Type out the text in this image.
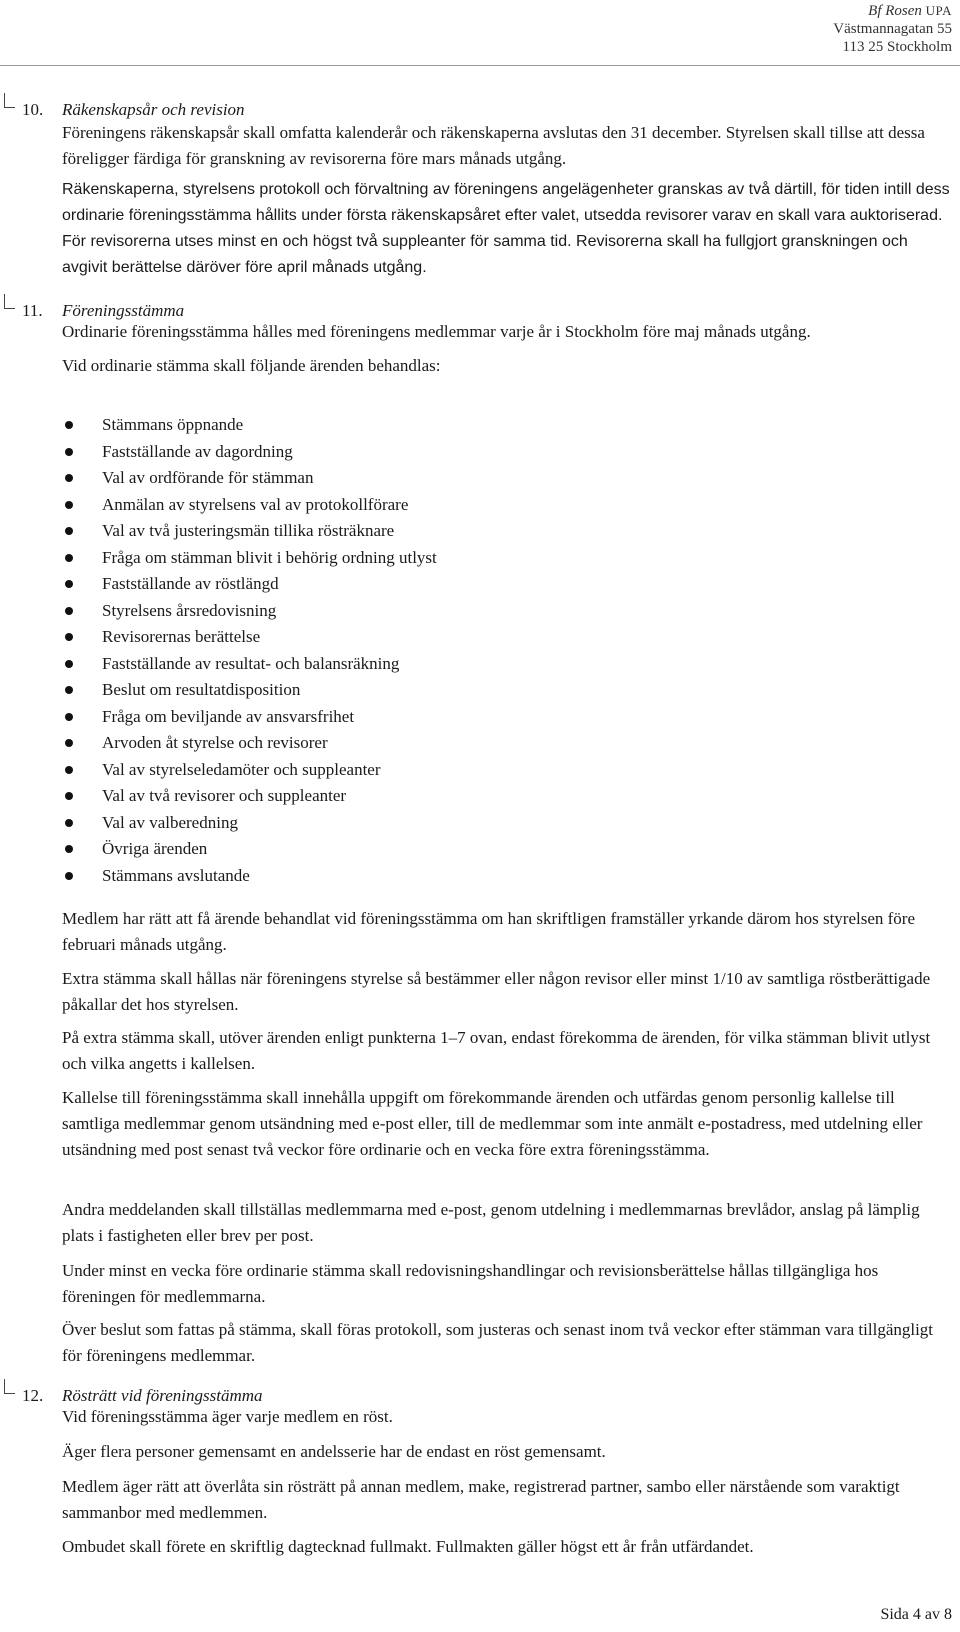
Bf Rosen UPA
Västmannagatan 55
113 25 Stockholm
10. Räkenskapsår och revision

Föreningens räkenskapsår skall omfatta kalenderår och räkenskaperna avslutas den 31 december. Styrelsen skall tillse att dessa föreligger färdiga för granskning av revisorerna före mars månads utgång.

Räkenskaperna, styrelsens protokoll och förvaltning av föreningens angelägenheter granskas av två därtill, för tiden intill dess ordinarie föreningsstämma hållits under första räkenskapsåret efter valet, utsedda revisorer varav en skall vara auktoriserad. För revisorerna utses minst en och högst två suppleanter för samma tid. Revisorerna skall ha fullgjort granskningen och avgivit berättelse däröver före april månads utgång.

11. Föreningsstämma

Ordinarie föreningsstämma hålles med föreningens medlemmar varje år i Stockholm före maj månads utgång.

Vid ordinarie stämma skall följande ärenden behandlas:

Stämmans öppnande
Fastställande av dagordning
Val av ordförande för stämman
Anmälan av styrelsens val av protokollförare
Val av två justeringsmän tillika rösträknare
Fråga om stämman blivit i behörig ordning utlyst
Fastställande av röstlängd
Styrelsens årsredovisning
Revisorernas berättelse
Fastställande av resultat- och balansräkning
Beslut om resultatdisposition
Fråga om beviljande av ansvarsfrihet
Arvoden åt styrelse och revisorer
Val av styrelseledamöter och suppleanter
Val av två revisorer och suppleanter
Val av valberedning
Övriga ärenden
Stämmans avslutande

Medlem har rätt att få ärende behandlat vid föreningsstämma om han skriftligen framställer yrkande därom hos styrelsen före februari månads utgång.

Extra stämma skall hållas när föreningens styrelse så bestämmer eller någon revisor eller minst 1/10 av samtliga röstberättigade påkallar det hos styrelsen.

På extra stämma skall, utöver ärenden enligt punkterna 1–7 ovan, endast förekomma de ärenden, för vilka stämman blivit utlyst och vilka angetts i kallelsen.

Kallelse till föreningsstämma skall innehålla uppgift om förekommande ärenden och utfärdas genom personlig kallelse till samtliga medlemmar genom utsändning med e-post eller, till de medlemmar som inte anmält e-postadress, med utdelning eller utsändning med post senast två veckor före ordinarie och en vecka före extra föreningsstämma.

Andra meddelanden skall tillställas medlemmarna med e-post, genom utdelning i medlemmarnas brevlådor, anslag på lämplig plats i fastigheten eller brev per post.

Under minst en vecka före ordinarie stämma skall redovisningshandlingar och revisionsberättelse hållas tillgängliga hos föreningen för medlemmarna.

Över beslut som fattas på stämma, skall föras protokoll, som justeras och senast inom två veckor efter stämman vara tillgängligt för föreningens medlemmar.

12. Rösträtt vid föreningsstämma

Vid föreningsstämma äger varje medlem en röst.

Äger flera personer gemensamt en andelsserie har de endast en röst gemensamt.

Medlem äger rätt att överlåta sin rösträtt på annan medlem, make, registrerad partner, sambo eller närstående som varaktigt sammanbor med medlemmen.

Ombudet skall förete en skriftlig dagtecknad fullmakt. Fullmakten gäller högst ett år från utfärdandet.

Sida 4 av 8
